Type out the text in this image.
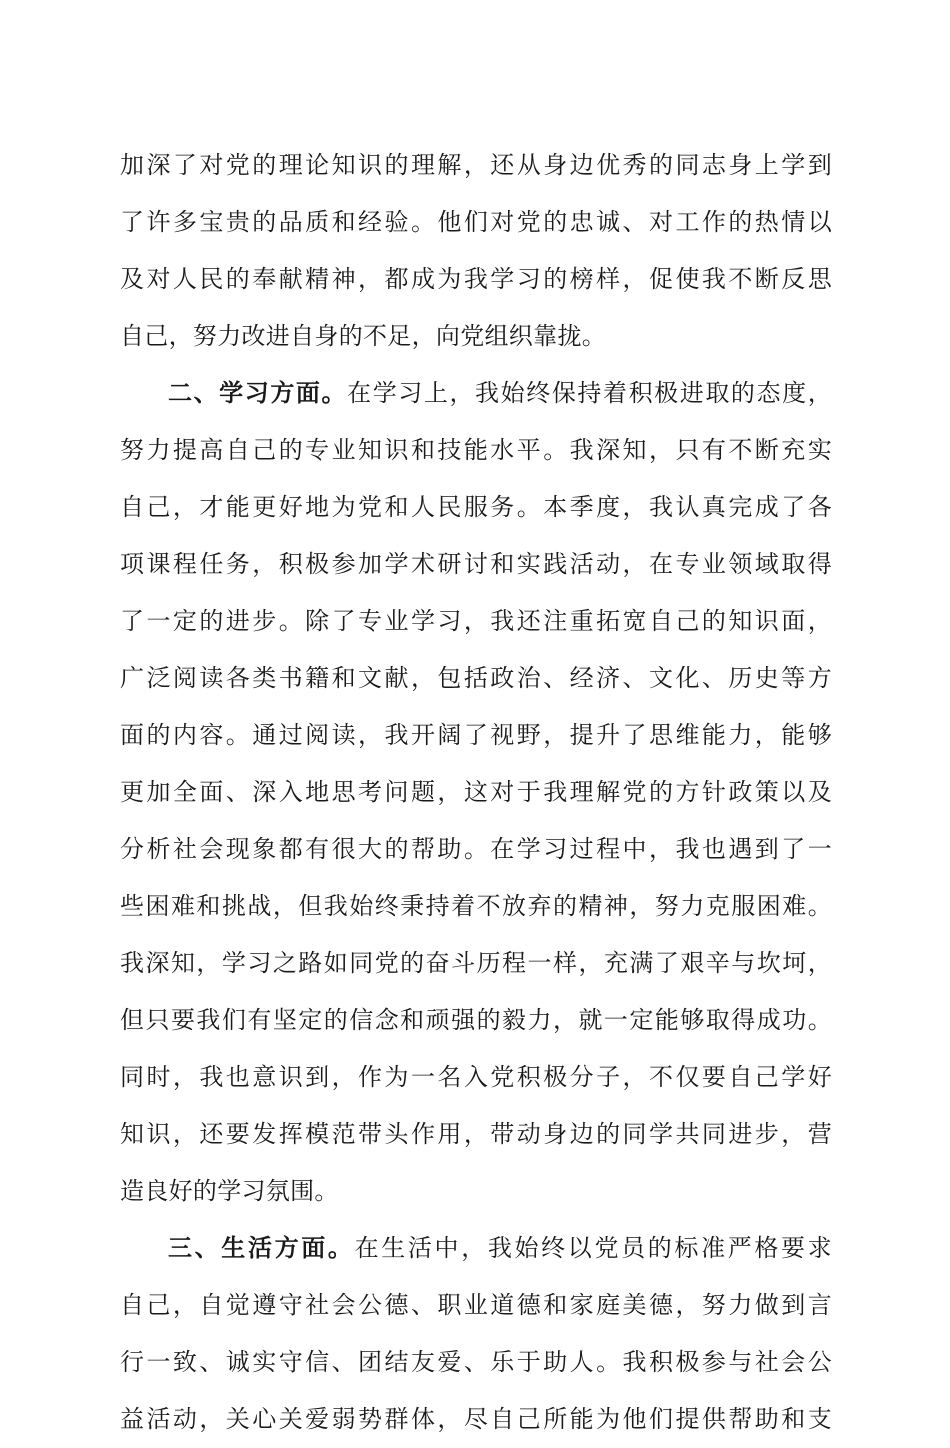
加深了对党的理论知识的理解，还从身边优秀的同志身上学到
了许多宝贵的品质和经验。他们对党的忠诚、对工作的热情以
及对人民的奉献精神，都成为我学习的榜样，促使我不断反思
自己，努力改进自身的不足，向党组织靠拢。
二、学习方面。在学习上，我始终保持着积极进取的态度，
努力提高自己的专业知识和技能水平。我深知，只有不断充实
自己，才能更好地为党和人民服务。本季度，我认真完成了各
项课程任务，积极参加学术研讨和实践活动，在专业领域取得
了一定的进步。除了专业学习，我还注重拓宽自己的知识面，
广泛阅读各类书籍和文献，包括政治、经济、文化、历史等方
面的内容。通过阅读，我开阔了视野，提升了思维能力，能够
更加全面、深入地思考问题，这对于我理解党的方针政策以及
分析社会现象都有很大的帮助。在学习过程中，我也遇到了一
些困难和挑战，但我始终秉持着不放弃的精神，努力克服困难。
我深知，学习之路如同党的奋斗历程一样，充满了艰辛与坎坷，
但只要我们有坚定的信念和顽强的毅力，就一定能够取得成功。
同时，我也意识到，作为一名入党积极分子，不仅要自己学好
知识，还要发挥模范带头作用，带动身边的同学共同进步，营
造良好的学习氛围。
三、生活方面。在生活中，我始终以党员的标准严格要求
自己，自觉遵守社会公德、职业道德和家庭美德，努力做到言
行一致、诚实守信、团结友爱、乐于助人。我积极参与社会公
益活动，关心关爱弱势群体，尽自己所能为他们提供帮助和支
